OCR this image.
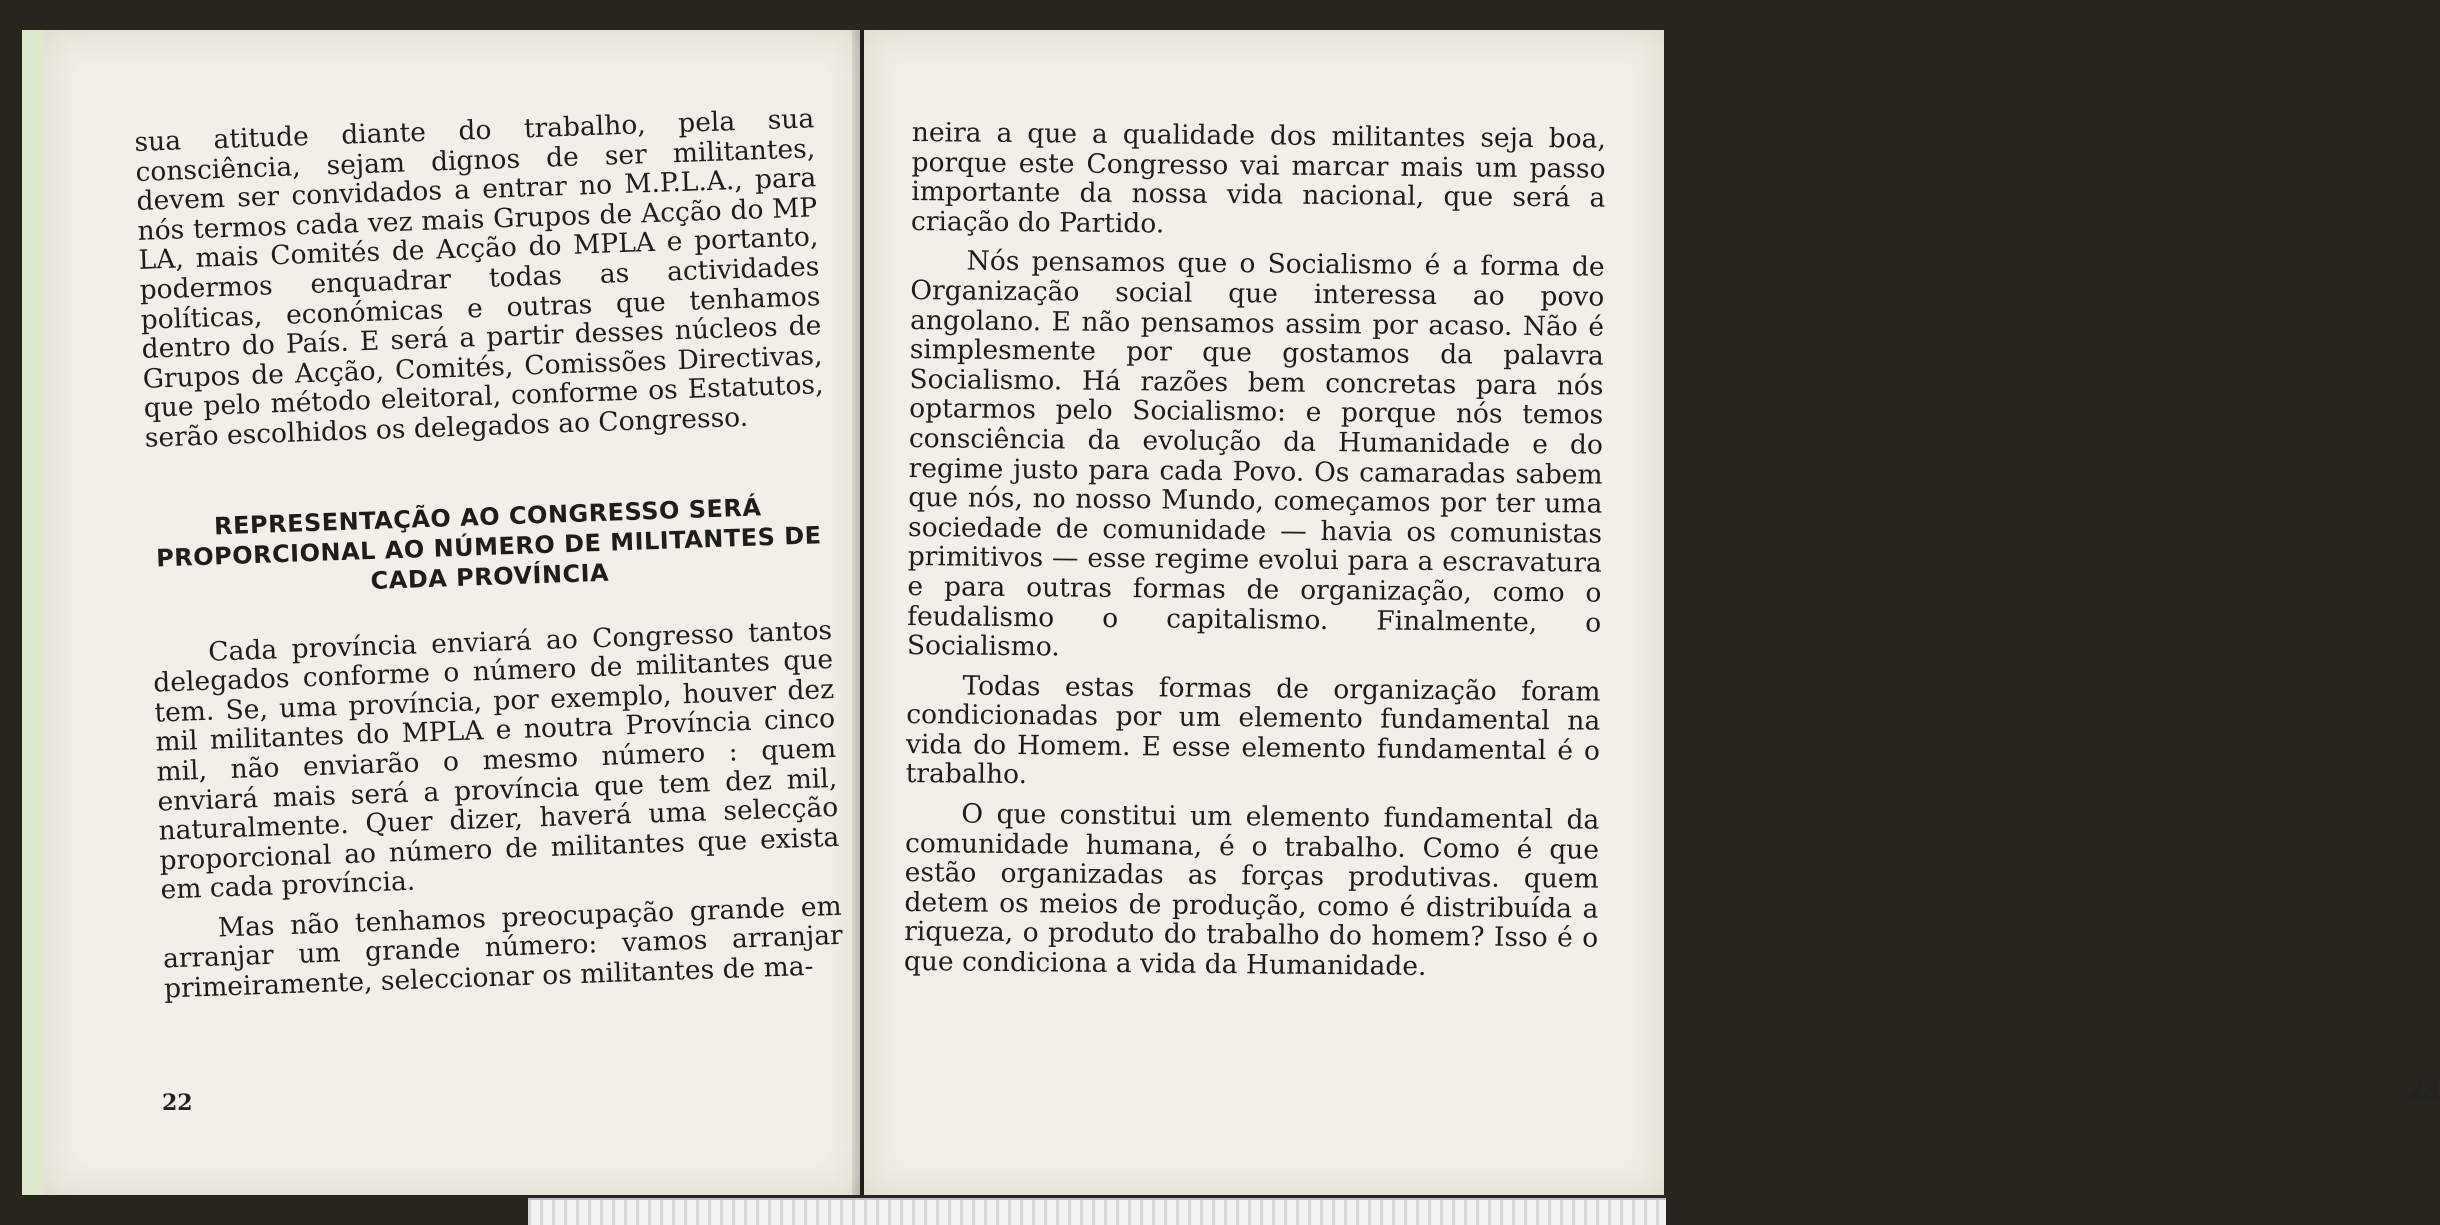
sua atitude diante do trabalho, pela sua consciência, sejam dignos de ser militantes, devem ser convidados a entrar no M.P.L.A., para nós termos cada vez mais Grupos de Acção do MP LA, mais Comités de Acção do MPLA e portanto, podermos enquadrar todas as actividades políticas, económicas e outras que tenhamos dentro do País. E será a partir desses núcleos de Grupos de Acção, Comités, Comissões Directivas, que pelo método eleitoral, conforme os Estatutos, serão escolhidos os delegados ao Congresso.

REPRESENTAÇÃO AO CONGRESSO SERÁ PROPORCIONAL AO NÚMERO DE MILITANTES DE CADA PROVÍNCIA

Cada província enviará ao Congresso tantos delegados conforme o número de militantes que tem. Se, uma província, por exemplo, houver dez mil militantes do MPLA e noutra Província cinco mil, não enviarão o mesmo número : quem enviará mais será a província que tem dez mil, naturalmente. Quer dizer, haverá uma selecção proporcional ao número de militantes que exista em cada província.

Mas não tenhamos preocupação grande em arranjar um grande número: vamos arranjar primeiramente, seleccionar os militantes de ma-

22

neira a que a qualidade dos militantes seja boa, porque este Congresso vai marcar mais um passo importante da nossa vida nacional, que será a criação do Partido.

Nós pensamos que o Socialismo é a forma de Organização social que interessa ao povo angolano. E não pensamos assim por acaso. Não é simplesmente por que gostamos da palavra Socialismo. Há razões bem concretas para nós optarmos pelo Socialismo: e porque nós temos consciência da evolução da Humanidade e do regime justo para cada Povo. Os camaradas sabem que nós, no nosso Mundo, começamos por ter uma sociedade de comunidade — havia os comunistas primitivos — esse regime evolui para a escravatura e para outras formas de organização, como o feudalismo o capitalismo. Finalmente, o Socialismo.

Todas estas formas de organização foram condicionadas por um elemento fundamental na vida do Homem. E esse elemento fundamental é o trabalho.

O que constitui um elemento fundamental da comunidade humana, é o trabalho. Como é que estão organizadas as forças produtivas. quem detem os meios de produção, como é distribuída a riqueza, o produto do trabalho do homem? Isso é o que condiciona a vida da Humanidade.

23
